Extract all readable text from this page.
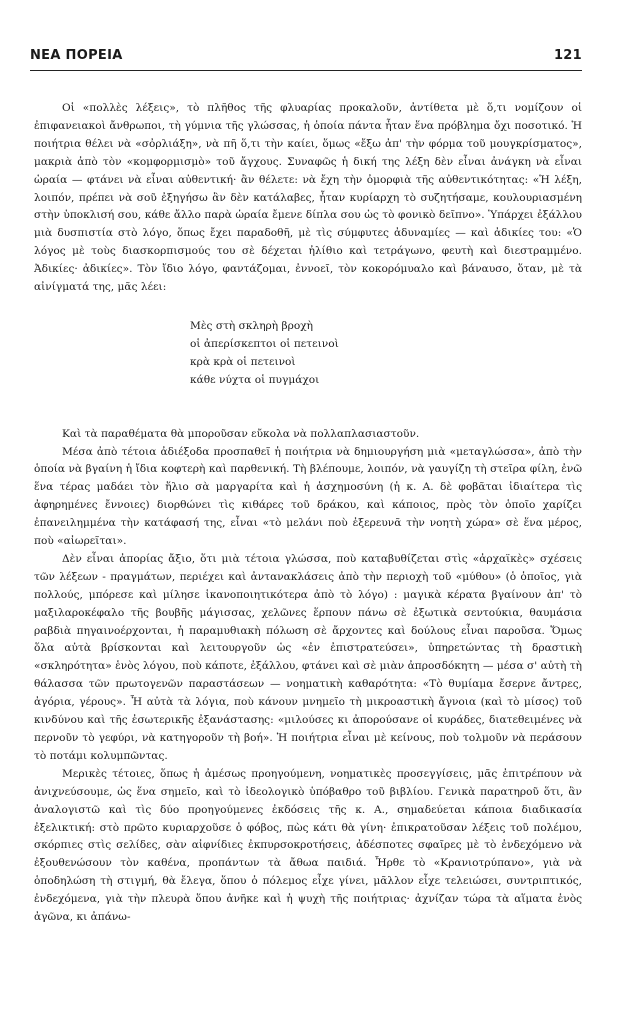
ΝΕΑ ΠΟΡΕΙΑ	121

Οἱ «πολλὲς λέξεις», τὸ πλῆθος τῆς φλυαρίας προκαλοῦν, ἀντίθετα μὲ ὅ,τι νομίζουν οἱ ἐπιφανειακοὶ ἄνθρωποι, τὴ γύμνια τῆς γλώσσας, ἡ ὁποία πάντα ἦταν ἕνα πρόβλημα ὄχι ποσοτικό. Ἡ ποιήτρια θέλει νὰ «σὀρλιάξη», νὰ πῆ ὅ,τι τὴν καίει, ὅμως «ἔξω ἀπ' τὴν φόρμα τοῦ μουγκρίσματος», μακριὰ ἀπὸ τὸν «κομφορμισμὸ» τοῦ ἄγχους. Συναφῶς ἡ δική της λέξη δὲν εἶναι ἀνάγκη νὰ εἶναι ὡραία — φτάνει νὰ εἶναι αὐθεντική· ἂν θέλετε: νὰ ἔχη τὴν ὀμορφιὰ τῆς αὐθεντικότητας: «Ἡ λέξη, λοιπόν, πρέπει νὰ σοῦ ἐξηγήσω ἂν δὲν κατάλαβες, ἦταν κυρίαρχη τὸ συζητήσαμε, κουλουριασμένη στὴν ὑποκλισή σου, κάθε ἄλλο παρὰ ὡραία ἔμενε δίπλα σου ὡς τὸ φονικὸ δεῖπνο». Ὑπάρχει ἐξάλλου μιὰ δυσπιστία στὸ λόγο, ὅπως ἔχει παραδοθῆ, μὲ τὶς σύμφυτες ἀδυναμίες — καὶ ἀδικίες του: «Ὁ λόγος μὲ τοὺς διασκορπισμούς του σὲ δέχεται ἠλίθιο καὶ τετράγωνο, φευτὴ καὶ διεστραμμένο. Ἀδικίες· ἀδικίες». Τὸν ἴδιο λόγο, φαντάζομαι, ἐννοεῖ, τὸν κοκορόμυαλο καὶ βάναυσο, ὅταν, μὲ τὰ αἰνίγματά της, μᾶς λέει:

Μὲς στὴ σκληρὴ βροχὴ
οἱ ἀπερίσκεπτοι οἱ πετεινοὶ
κρὰ κρὰ οἱ πετεινοὶ
κάθε νύχτα οἱ πυγμάχοι

Καὶ τὰ παραθέματα θὰ μποροῦσαν εὔκολα νὰ πολλαπλασιαστοῦν.

Μέσα ἀπὸ τέτοια ἀδιέξοδα προσπαθεῖ ἡ ποιήτρια νὰ δημιουργήση μιὰ «μεταγλώσσα», ἀπὸ τὴν ὁποία νὰ βγαίνη ἡ ἴδια κοφτερὴ καὶ παρθενική. Τὴ βλέπουμε, λοιπόν, νὰ γαυγίζη τὴ στεῖρα φίλη, ἐνῶ ἕνα τέρας μαδάει τὸν ἥλιο σὰ μαργαρίτα καὶ ἡ ἀσχημοσύνη (ἡ κ. Α. δὲ φοβᾶται ἰδιαίτερα τὶς ἀφηρημένες ἔννοιες) διορθώνει τὶς κιθάρες τοῦ δράκου, καὶ κάποιος, πρὸς τὸν ὁποῖο χαρίζει ἐπανειλημμένα τὴν κατάφασή της, εἶναι «τὸ μελάνι ποὺ ἐξερευνᾶ τὴν νοητὴ χώρα» σὲ ἕνα μέρος, ποὺ «αἰωρεῖται».

Δὲν εἶναι ἀπορίας ἄξιο, ὅτι μιὰ τέτοια γλώσσα, ποὺ καταβυθίζεται στὶς «ἀρχαϊκὲς» σχέσεις τῶν λέξεων - πραγμάτων, περιέχει καὶ ἀντανακλάσεις ἀπὸ τὴν περιοχὴ τοῦ «μύθου» (ὁ ὁποῖος, γιὰ πολλούς, μπόρεσε καὶ μίλησε ἱκανοποιητικότερα ἀπὸ τὸ λόγο) : μαγικὰ κέρατα βγαίνουν ἀπ' τὸ μαξιλαροκέφαλο τῆς βουβῆς μάγισσας, χελῶνες ἕρπουν πάνω σὲ ἐξωτικὰ σεντούκια, θαυμάσια ραβδιὰ πηγαινοέρχονται, ἡ παραμυθιακὴ πόλωση σὲ ἄρχοντες καὶ δούλους εἶναι παροῦσα. Ὅμως ὅλα αὐτὰ βρίσκονται καὶ λειτουργοῦν ὡς «ἐν ἐπιστρατεύσει», ὑπηρετώντας τὴ δραστικὴ «σκληρότητα» ἑνὸς λόγου, ποὺ κάποτε, ἐξάλλου, φτάνει καὶ σὲ μιὰν ἀπροσδόκητη — μέσα σ' αὐτὴ τὴ θάλασσα τῶν πρωτογενῶν παραστάσεων — νοηματικὴ καθαρότητα: «Τὸ θυμίαμα ἔσερνε ἄντρες, ἀγόρια, γέρους». Ἦ αὐτὰ τὰ λόγια, ποὺ κάνουν μνημεῖο τὴ μικροαστικὴ ἄγνοια (καὶ τὸ μίσος) τοῦ κινδύνου καὶ τῆς ἐσωτερικῆς ἐξανάστασης: «μιλούσες κι ἀπορούσανε οἱ κυράδες, διατεθειμένες νὰ περνοῦν τὸ γεφύρι, νὰ κατηγοροῦν τὴ βοή». Ἡ ποιήτρια εἶναι μὲ κείνους, ποὺ τολμοῦν νὰ περάσουν τὸ ποτάμι κολυμπῶντας.

Μερικὲς τέτοιες, ὅπως ἡ ἀμέσως προηγούμενη, νοηματικὲς προσεγγίσεις, μᾶς ἐπιτρέπουν νὰ ἀνιχνεύσουμε, ὡς ἕνα σημεῖο, καὶ τὸ ἰδεολογικὸ ὑπόβαθρο τοῦ βιβλίου. Γενικὰ παρατηροῦ ὅτι, ἂν ἀναλογιστῶ καὶ τὶς δύο προηγούμενες ἐκδόσεις τῆς κ. Α., σημαδεύεται κάποια διαδικασία ἐξελικτική: στὸ πρῶτο κυριαρχοῦσε ὁ φόβος, πὼς κάτι θὰ γίνη· ἐπικρατοῦσαν λέξεις τοῦ πολέμου, σκόρπιες στὶς σελίδες, σὰν αἰφνίδιες ἐκπυρσοκροτήσεις, ἀδέσποτες σφαῖρες μὲ τὸ ἐνδεχόμενο νὰ ἐξουθενώσουν τὸν καθένα, προπάντων τὰ ἄθωα παιδιά. Ἦρθε τὸ «Κρανιοτρύπανο», γιὰ νὰ ὁποδηλώση τὴ στιγμή, θὰ ἔλεγα, ὅπου ὁ πόλεμος εἶχε γίνει, μᾶλλον εἶχε τελειώσει, συντριπτικός, ἐνδεχόμενα, γιὰ τὴν πλευρὰ ὅπου ἀνῆκε καὶ ἡ ψυχὴ τῆς ποιήτριας· ἀχνίζαν τώρα τὰ αἵματα ἑνὸς ἀγῶνα, κι ἀπάνω-
